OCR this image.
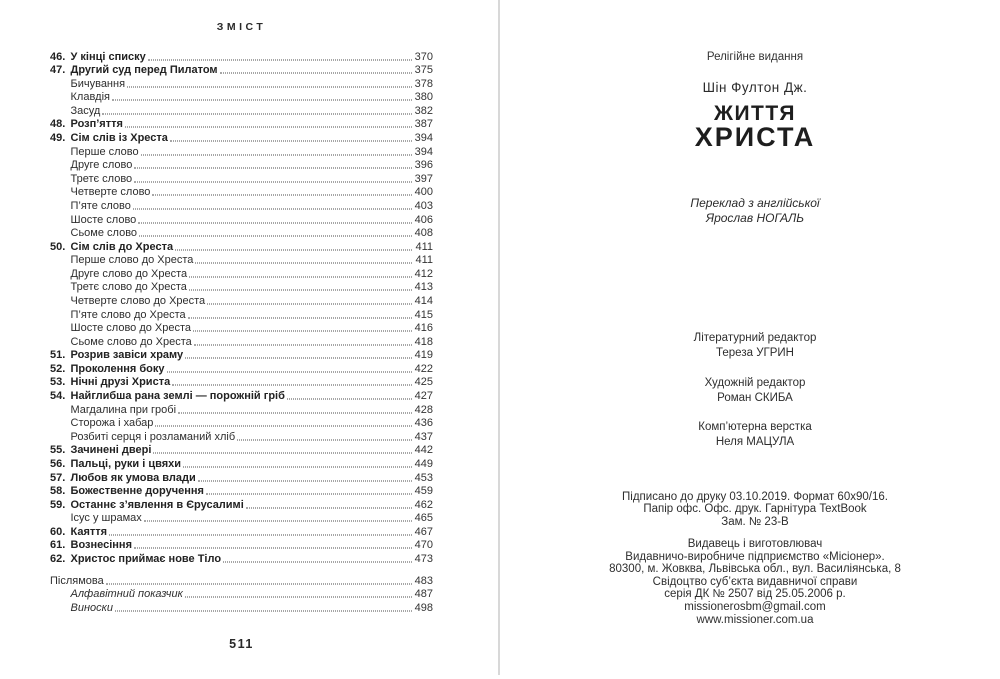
ЗМІСТ
46. У кінці списку	370
47. Другий суд перед Пилатом	375
Бичування	378
Клавдія	380
Засуд	382
48. Розп’яття	387
49. Сім слів із Хреста	394
Перше слово	394
Друге слово	396
Третє слово	397
Четверте слово	400
П’яте слово	403
Шосте слово	406
Сьоме слово	408
50. Сім слів до Хреста	411
Перше слово до Хреста	411
Друге слово до Хреста	412
Третє слово до Хреста	413
Четверте слово до Хреста	414
П’яте слово до Хреста	415
Шосте слово до Хреста	416
Сьоме слово до Хреста	418
51. Розрив завіси храму	419
52. Проколення боку	422
53. Нічні друзі Христа	425
54. Найглибша рана землі — порожній гріб	427
Магдалина при гробі	428
Сторожа і хабар	436
Розбиті серця і розламаний хліб	437
55. Зачинені двері	442
56. Пальці, руки і цвяхи	449
57. Любов як умова влади	453
58. Божественне доручення	459
59. Останнє з’явлення в Єрусалимі	462
Ісус у шрамах	465
60. Каяття	467
61. Вознесіння	470
62. Христос приймає нове Тіло	473
Післямова	483
Алфавітний показчик	487
Виноски	498
511
Релігійне видання
Шін Фултон Дж.
ЖИТТЯ
ХРИСТА
Переклад з англійської
Ярослав НОГАЛЬ
Літературний редактор
Тереза УГРИН
Художній редактор
Роман СКИБА
Комп’ютерна верстка
Неля МАЦУЛА
Підписано до друку 03.10.2019. Формат 60х90/16.
Папір офс. Офс. друк. Гарнітура TextBook
Зам. № 23-В
Видавець і виготовлювач
Видавничо-виробниче підприємство «Місіонер».
80300, м. Жовква, Львівська обл., вул. Василіянська, 8
Свідоцтво суб’єкта видавничої справи
серія ДК № 2507 від 25.05.2006 р.
missionerosbm@gmail.com
www.missioner.com.ua
